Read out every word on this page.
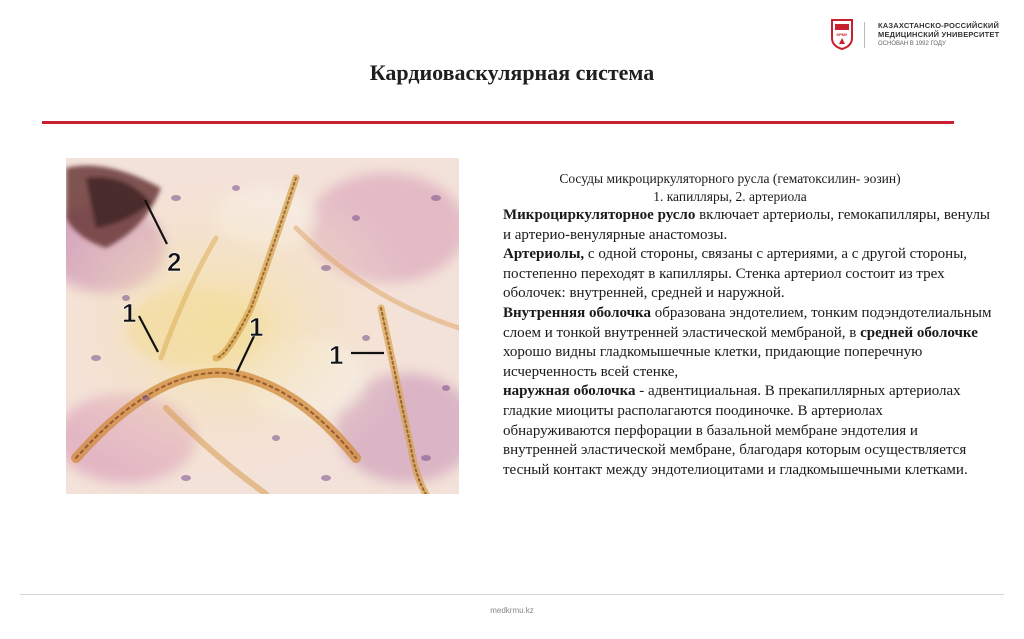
КРМУ
КАЗАХСТАНСКО-РОССИЙСКИЙ
МЕДИЦИНСКИЙ УНИВЕРСИТЕТ
ОСНОВАН В 1992 ГОДУ
Кардиоваскулярная система
2
1	1
1
Сосуды микроциркуляторного русла (гематоксилин- эозин)
1. капилляры, 2. артериола
Микроциркуляторное русло включает артериолы, гемокапилляры, венулы и артерио-венулярные анастомозы.
Артериолы, с одной стороны, связаны с артериями, а с другой стороны, постепенно переходят в капилляры. Стенка артериол состоит из трех оболочек: внутренней, средней и наружной.
Внутренняя оболочка образована эндотелием, тонким подэндотелиальным слоем и тонкой внутренней эластической мембраной, в средней оболочке хорошо видны гладкомышечные клетки, придающие поперечную исчерченность всей стенке,
наружная оболочка - адвентициальная. В прекапиллярных артериолах гладкие миоциты располагаются поодиночке. В артериолах обнаруживаются перфорации в базальной мембране эндотелия и внутренней эластической мембране, благодаря которым осуществляется тесный контакт между эндотелиоцитами и гладкомышечными клетками.
medkrmu.kz
